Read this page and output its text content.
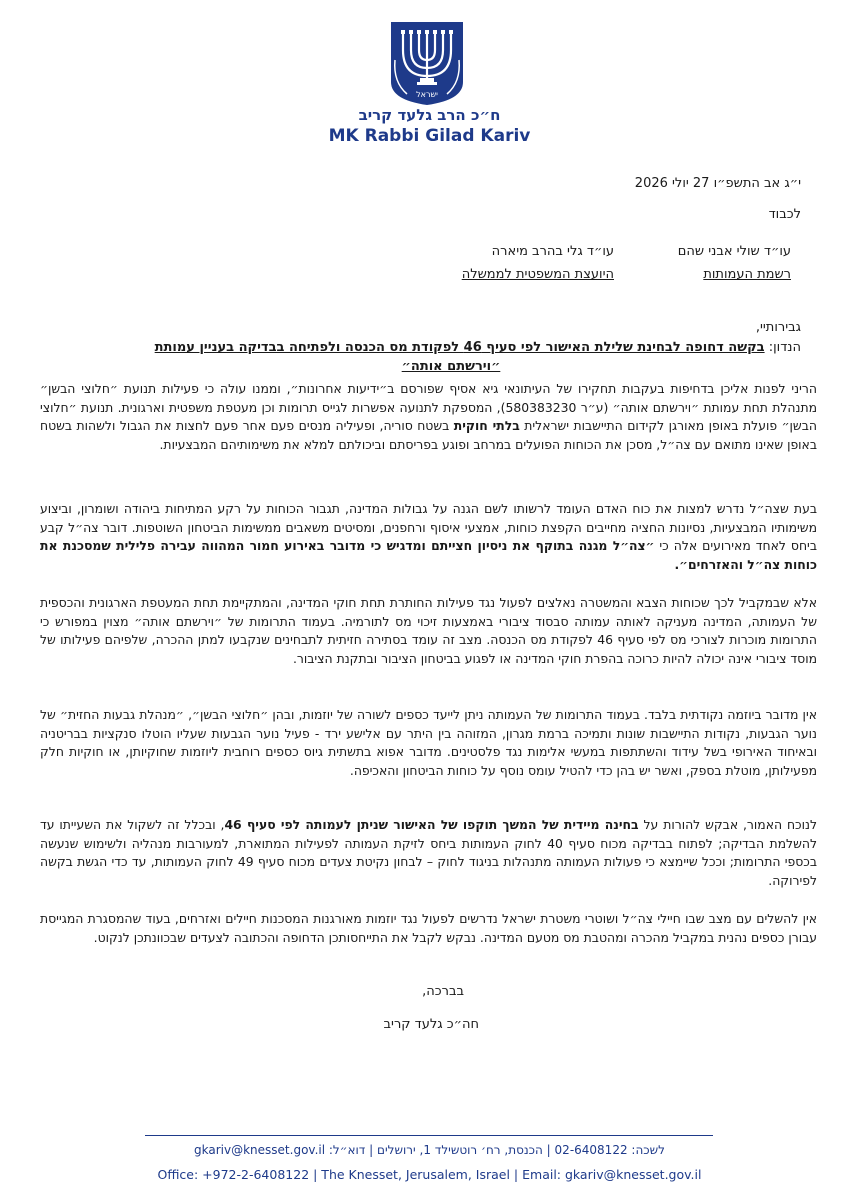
ישראל
ח״כ הרב גלעד קריב
MK Rabbi Gilad Kariv
י״ג אב התשפ״ו 27 יולי 2026
לכבוד
עו״ד שולי אבני שהם
רשמת העמותות
עו״ד גלי בהרב מיארה
היועצת המשפטית לממשלה
גבירותיי,
הנדון: בקשה דחופה לבחינת שלילת האישור לפי סעיף 46 לפקודת מס הכנסה ולפתיחה בבדיקה בעניין עמותת
״וירשתם אותה״
הריני לפנות אליכן בדחיפות בעקבות תחקירו של העיתונאי גיא אסיף שפורסם ב״ידיעות אחרונות״, וממנו עולה כי פעילות תנועת ״חלוצי הבשן״ מתנהלת תחת עמותת ״וירשתם אותה״ (ע״ר 580383230), המספקת לתנועה אפשרות לגייס תרומות וכן מעטפת משפטית וארגונית. תנועת ״חלוצי הבשן״ פועלת באופן מאורגן לקידום התיישבות ישראלית בלתי חוקית בשטח סוריה, ופעיליה מנסים פעם אחר פעם לחצות את הגבול ולשהות בשטח באופן שאינו מתואם עם צה״ל, מסכן את הכוחות הפועלים במרחב ופוגע בפריסתם וביכולתם למלא את משימותיהם המבצעיות.
בעת שצה״ל נדרש למצות את כוח האדם העומד לרשותו לשם הגנה על גבולות המדינה, תגבור הכוחות על רקע המתיחות ביהודה ושומרון, וביצוע משימותיו המבצעיות, נסיונות החציה מחייבים הקפצת כוחות, אמצעי איסוף ורחפנים, ומסיטים משאבים ממשימות הביטחון השוטפות. דובר צה״ל קבע ביחס לאחד מאירועים אלה כי ״צה״ל מגנה בתוקף את ניסיון חצייתם ומדגיש כי מדובר באירוע חמור המהווה עבירה פלילית שמסכנת את כוחות צה״ל והאזרחים״.
אלא שבמקביל לכך שכוחות הצבא והמשטרה נאלצים לפעול נגד פעילות החותרת תחת חוקי המדינה, והמתקיימת תחת המעטפת הארגונית והכספית של העמותה, המדינה מעניקה לאותה עמותה סבסוד ציבורי באמצעות זיכוי מס לתורמיה. בעמוד התרומות של ״וירשתם אותה״ מצוין במפורש כי התרומות מוכרות לצורכי מס לפי סעיף 46 לפקודת מס הכנסה. מצב זה עומד בסתירה חזיתית לתבחינים שנקבעו למתן ההכרה, שלפיהם פעילותו של מוסד ציבורי אינה יכולה להיות כרוכה בהפרת חוקי המדינה או לפגוע בביטחון הציבור ובתקנת הציבור.
אין מדובר ביוזמה נקודתית בלבד. בעמוד התרומות של העמותה ניתן לייעד כספים לשורה של יוזמות, ובהן ״חלוצי הבשן״, ״מנהלת גבעות החזית״ של נוער הגבעות, נקודות התיישבות שונות ותמיכה ברמת מגרון, המזוהה בין היתר עם אלישע ירד - פעיל נוער הגבעות שעליו הוטלו סנקציות בבריטניה ובאיחוד האירופי בשל עידוד והשתתפות במעשי אלימות נגד פלסטינים. מדובר אפוא בתשתית גיוס כספים רוחבית ליוזמות שחוקיותן, או חוקיות חלק מפעילותן, מוטלת בספק, ואשר יש בהן כדי להטיל עומס נוסף על כוחות הביטחון והאכיפה.
לנוכח האמור, אבקש להורות על בחינה מיידית של המשך תוקפו של האישור שניתן לעמותה לפי סעיף 46, ובכלל זה לשקול את השעייתו עד להשלמת הבדיקה; לפתוח בבדיקה מכוח סעיף 40 לחוק העמותות ביחס לזיקת העמותה לפעילות המתוארת, למעורבות מנהליה ולשימוש שנעשה בכספי התרומות; וככל שיימצא כי פעולות העמותה מתנהלות בניגוד לחוק – לבחון נקיטת צעדים מכוח סעיף 49 לחוק העמותות, עד כדי הגשת בקשה לפירוקה.
אין להשלים עם מצב שבו חיילי צה״ל ושוטרי משטרת ישראל נדרשים לפעול נגד יוזמות מאורגנות המסכנות חיילים ואזרחים, בעוד שהמסגרת המגייסת עבורן כספים נהנית במקביל מהכרה ומהטבת מס מטעם המדינה. נבקש לקבל את התייחסותכן הדחופה והכתובה לצעדים שבכוונתכן לנקוט.
בברכה,
חה״כ גלעד קריב
לשכה: 02-6408122 | הכנסת, רח׳ רוטשילד 1, ירושלים | דוא״ל: gkariv@knesset.gov.il
Office: +972-2-6408122 | The Knesset, Jerusalem, Israel | Email: gkariv@knesset.gov.il
